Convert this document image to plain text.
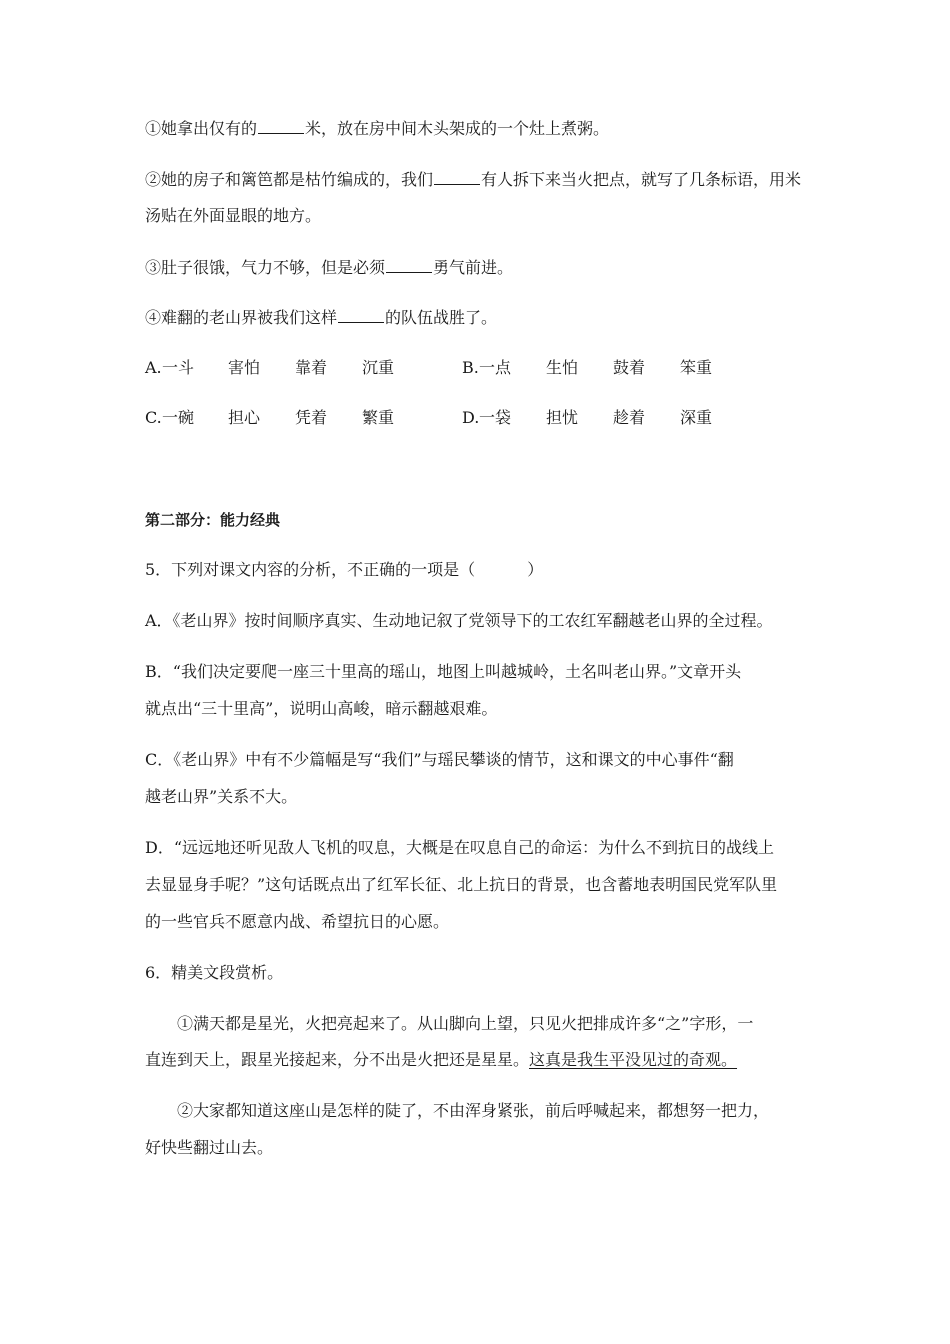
①她拿出仅有的	米，放在房中间木头架成的一个灶上煮粥。
②她的房子和篱笆都是枯竹编成的，我们	有人拆下来当火把点，就写了几条标语，用米
汤贴在外面显眼的地方。
③肚子很饿，气力不够，但是必须	勇气前进。
④难翻的老山界被我们这样	的队伍战胜了。
A. 一斗 害怕 靠着 沉重	B. 一点 生怕 鼓着 笨重
C. 一碗 担心 凭着 繁重	D. 一袋 担忧 趁着 深重
第二部分：能力经典
5．下列对课文内容的分析，不正确的一项是（	）
A．《老山界》按时间顺序真实、生动地记叙了党领导下的工农红军翻越老山界的全过程。
B．“我们决定要爬一座三十里高的瑶山，地图上叫越城岭，土名叫老山界。”文章开头
就点出“三十里高”，说明山高峻，暗示翻越艰难。
C．《老山界》中有不少篇幅是写“我们”与瑶民攀谈的情节，这和课文的中心事件“翻
越老山界”关系不大。
D．“远远地还听见敌人飞机的叹息，大概是在叹息自己的命运：为什么不到抗日的战线上
去显显身手呢？”这句话既点出了红军长征、北上抗日的背景，也含蓄地表明国民党军队里
的一些官兵不愿意内战、希望抗日的心愿。
6．精美文段赏析。
①满天都是星光，火把亮起来了。从山脚向上望，只见火把排成许多“之”字形，一
直连到天上，跟星光接起来，分不出是火把还是星星。这真是我生平没见过的奇观。
②大家都知道这座山是怎样的陡了，不由浑身紧张，前后呼喊起来，都想努一把力，
好快些翻过山去。
